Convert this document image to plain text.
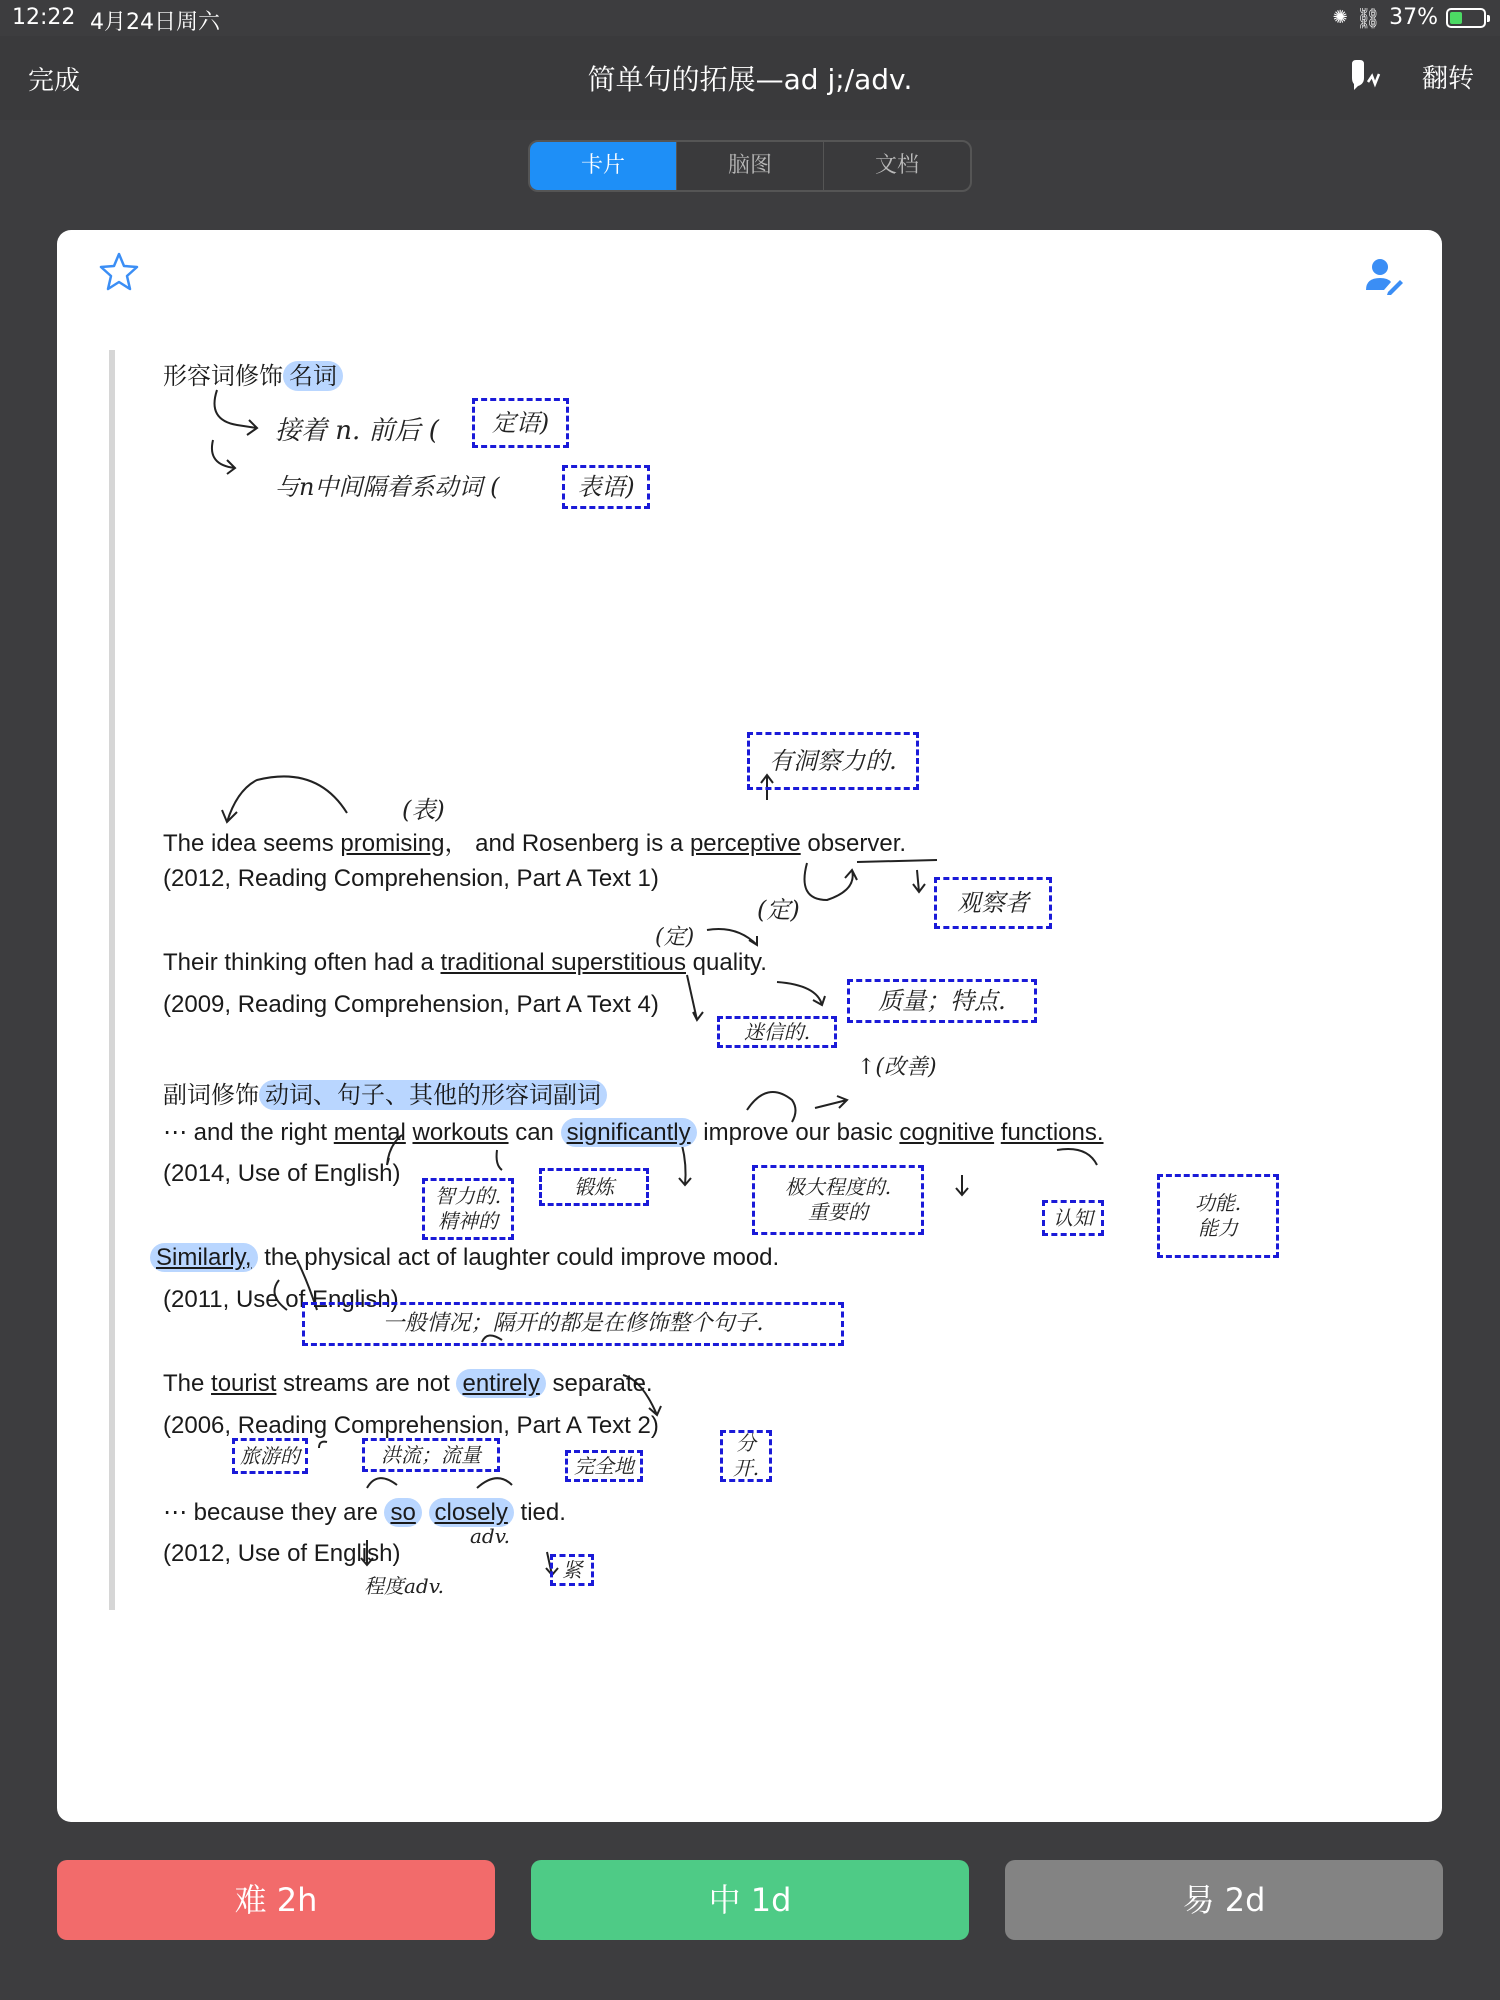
12:22 4月24日周六	✺ ⛓ 37%
完成	简单句的拓展—ad j;/adv.	翻转
卡片	脑图	文档
形容词修饰 名词
接着 n. 前后 (	定语)
与n中间隔着系动词 (	表语)
(表)
有洞察力的.
The idea seems promising， and Rosenberg is a perceptive observer.
(2012, Reading Comprehension, Part A Text 1)
(定)	观察者
(定)
Their thinking often had a traditional superstitious quality.
(2009, Reading Comprehension, Part A Text 4)
迷信的.
质量；特点.
副词修饰 动词、句子、其他的形容词副词
↑(改善)
⋯ and the right mental workouts can significantly improve our basic cognitive functions.
(2014, Use of English)
智力的.
精神的
锻炼	极大程度的.
重要的	认知
功能.
能力
Similarly, the physical act of laughter could improve mood.
(2011, Use of English)
一般情况；隔开的都是在修饰整个句子.
The tourist streams are not entirely separate.
(2006, Reading Comprehension, Part A Text 2)
旅游的	洪流；流量	完全地
分开.
⋯ because they are so closely tied.
adv.
(2012, Use of English)
程度adv.
紧
难 2h	中 1d	易 2d
